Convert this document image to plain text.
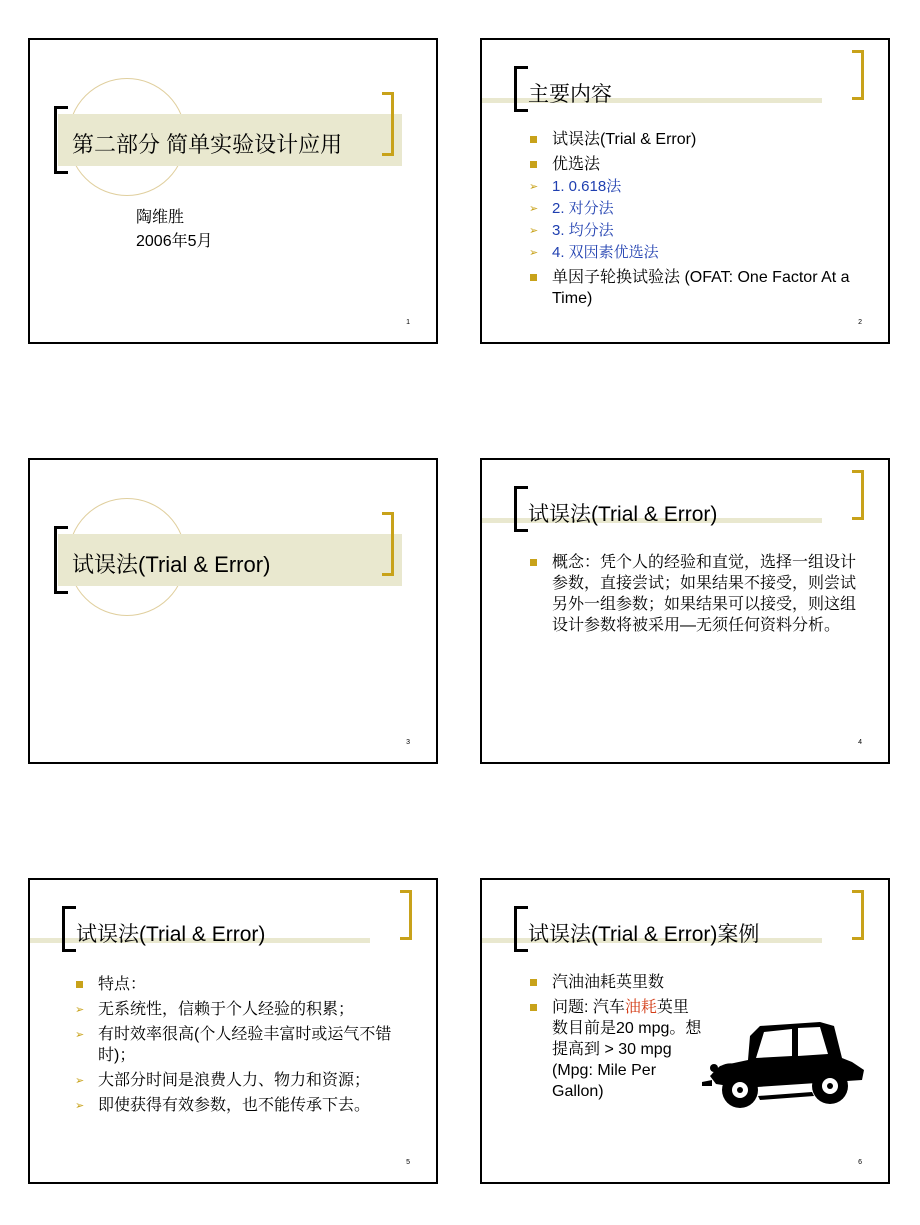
第二部分 简单实验设计应用
陶维胜
2006年5月
1
主要内容
试误法(Trial & Error)
优选法
➢ 1. 0.618法
➢ 2. 对分法
➢ 3. 均分法
➢ 4. 双因素优选法
单因子轮换试验法 (OFAT: One Factor At a Time)
2
试误法(Trial & Error)
3
试误法(Trial & Error)
概念：凭个人的经验和直觉，选择一组设计参数，直接尝试；如果结果不接受，则尝试另外一组参数；如果结果可以接受，则这组设计参数将被采用—无须任何资料分析。
4
试误法(Trial & Error)
特点：
➢ 无系统性，信赖于个人经验的积累；
➢ 有时效率很高(个人经验丰富时或运气不错时)；
➢ 大部分时间是浪费人力、物力和资源；
➢ 即使获得有效参数，也不能传承下去。
5
试误法(Trial & Error)案例
汽油油耗英里数
问题: 汽车油耗英里数目前是20 mpg。想提高到 > 30 mpg (Mpg: Mile Per Gallon)
6
